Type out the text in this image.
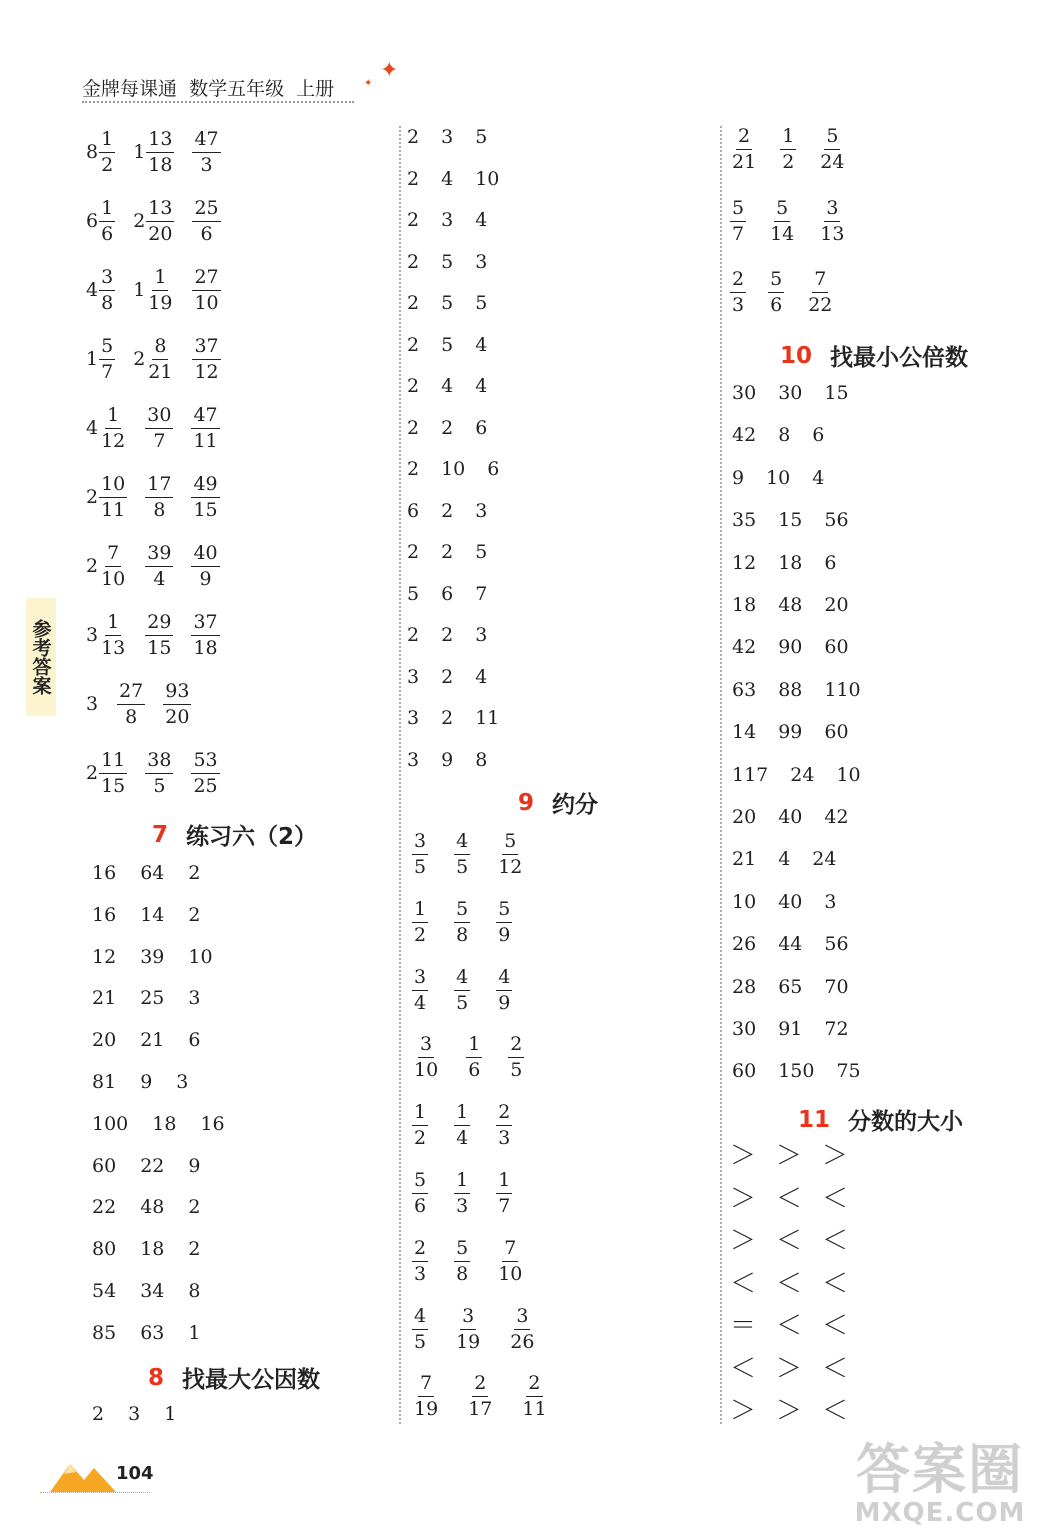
金牌每课通  数学五年级  上册
✦
✦
参考答案
$8 \frac{1}{2} 1 \frac{13}{18} \frac{47}{3}$
$6 \frac{1}{6} 2 \frac{13}{20} \frac{25}{6}$
$4 \frac{3}{8} 1 \frac{1}{19} \frac{27}{10}$
$1 \frac{5}{7} 2 \frac{8}{21} \frac{37}{12}$
$4 \frac{1}{12} \frac{30}{7} \frac{47}{11}$
$2 \frac{10}{11} \frac{17}{8} \frac{49}{15}$
$2 \frac{7}{10} \frac{39}{4} \frac{40}{9}$
$3 \frac{1}{13} \frac{29}{15} \frac{37}{18}$
$3 \frac{27}{8} \frac{93}{20}$
$2 \frac{11}{15} \frac{38}{5} \frac{53}{25}$
7 练习六（2）
16 64 2
16 14 2
12 39 10
21 25 3
20 21 6
81 9 3
100 18 16
60 22 9
22 48 2
80 18 2
54 34 8
85 63 1
8 找最大公因数
2 3 1
2 3 5
2 4 10
2 3 4
2 5 3
2 5 5
2 5 4
2 4 4
2 2 6
2 10 6
6 2 3
2 2 5
5 6 7
2 2 3
3 2 4
3 2 11
3 9 8
9 约分
$\frac{3}{5} \frac{4}{5} \frac{5}{12}$
$\frac{1}{2} \frac{5}{8} \frac{5}{9}$
$\frac{3}{4} \frac{4}{5} \frac{4}{9}$
$\frac{3}{10} \frac{1}{6} \frac{2}{5}$
$\frac{1}{2} \frac{1}{4} \frac{2}{3}$
$\frac{5}{6} \frac{1}{3} \frac{1}{7}$
$\frac{2}{3} \frac{5}{8} \frac{7}{10}$
$\frac{4}{5} \frac{3}{19} \frac{3}{26}$
$\frac{7}{19} \frac{2}{17} \frac{2}{11}$
$\frac{2}{21} \frac{1}{2} \frac{5}{24}$
$\frac{5}{7} \frac{5}{14} \frac{3}{13}$
$\frac{2}{3} \frac{5}{6} \frac{7}{22}$
10 找最小公倍数
30 30 15
42 8 6
9 10 4
35 15 56
12 18 6
18 48 20
42 90 60
63 88 110
14 99 60
117 24 10
20 40 42
21 4 24
10 40 3
26 44 56
28 65 70
30 91 72
60 150 75
11 分数的大小
＞ ＞ ＞
＞ ＜ ＜
＞ ＜ ＜
＜ ＜ ＜
＝ ＜ ＜
＜ ＞ ＜
＞ ＞ ＜
104	答案圈
MXQE.COM
